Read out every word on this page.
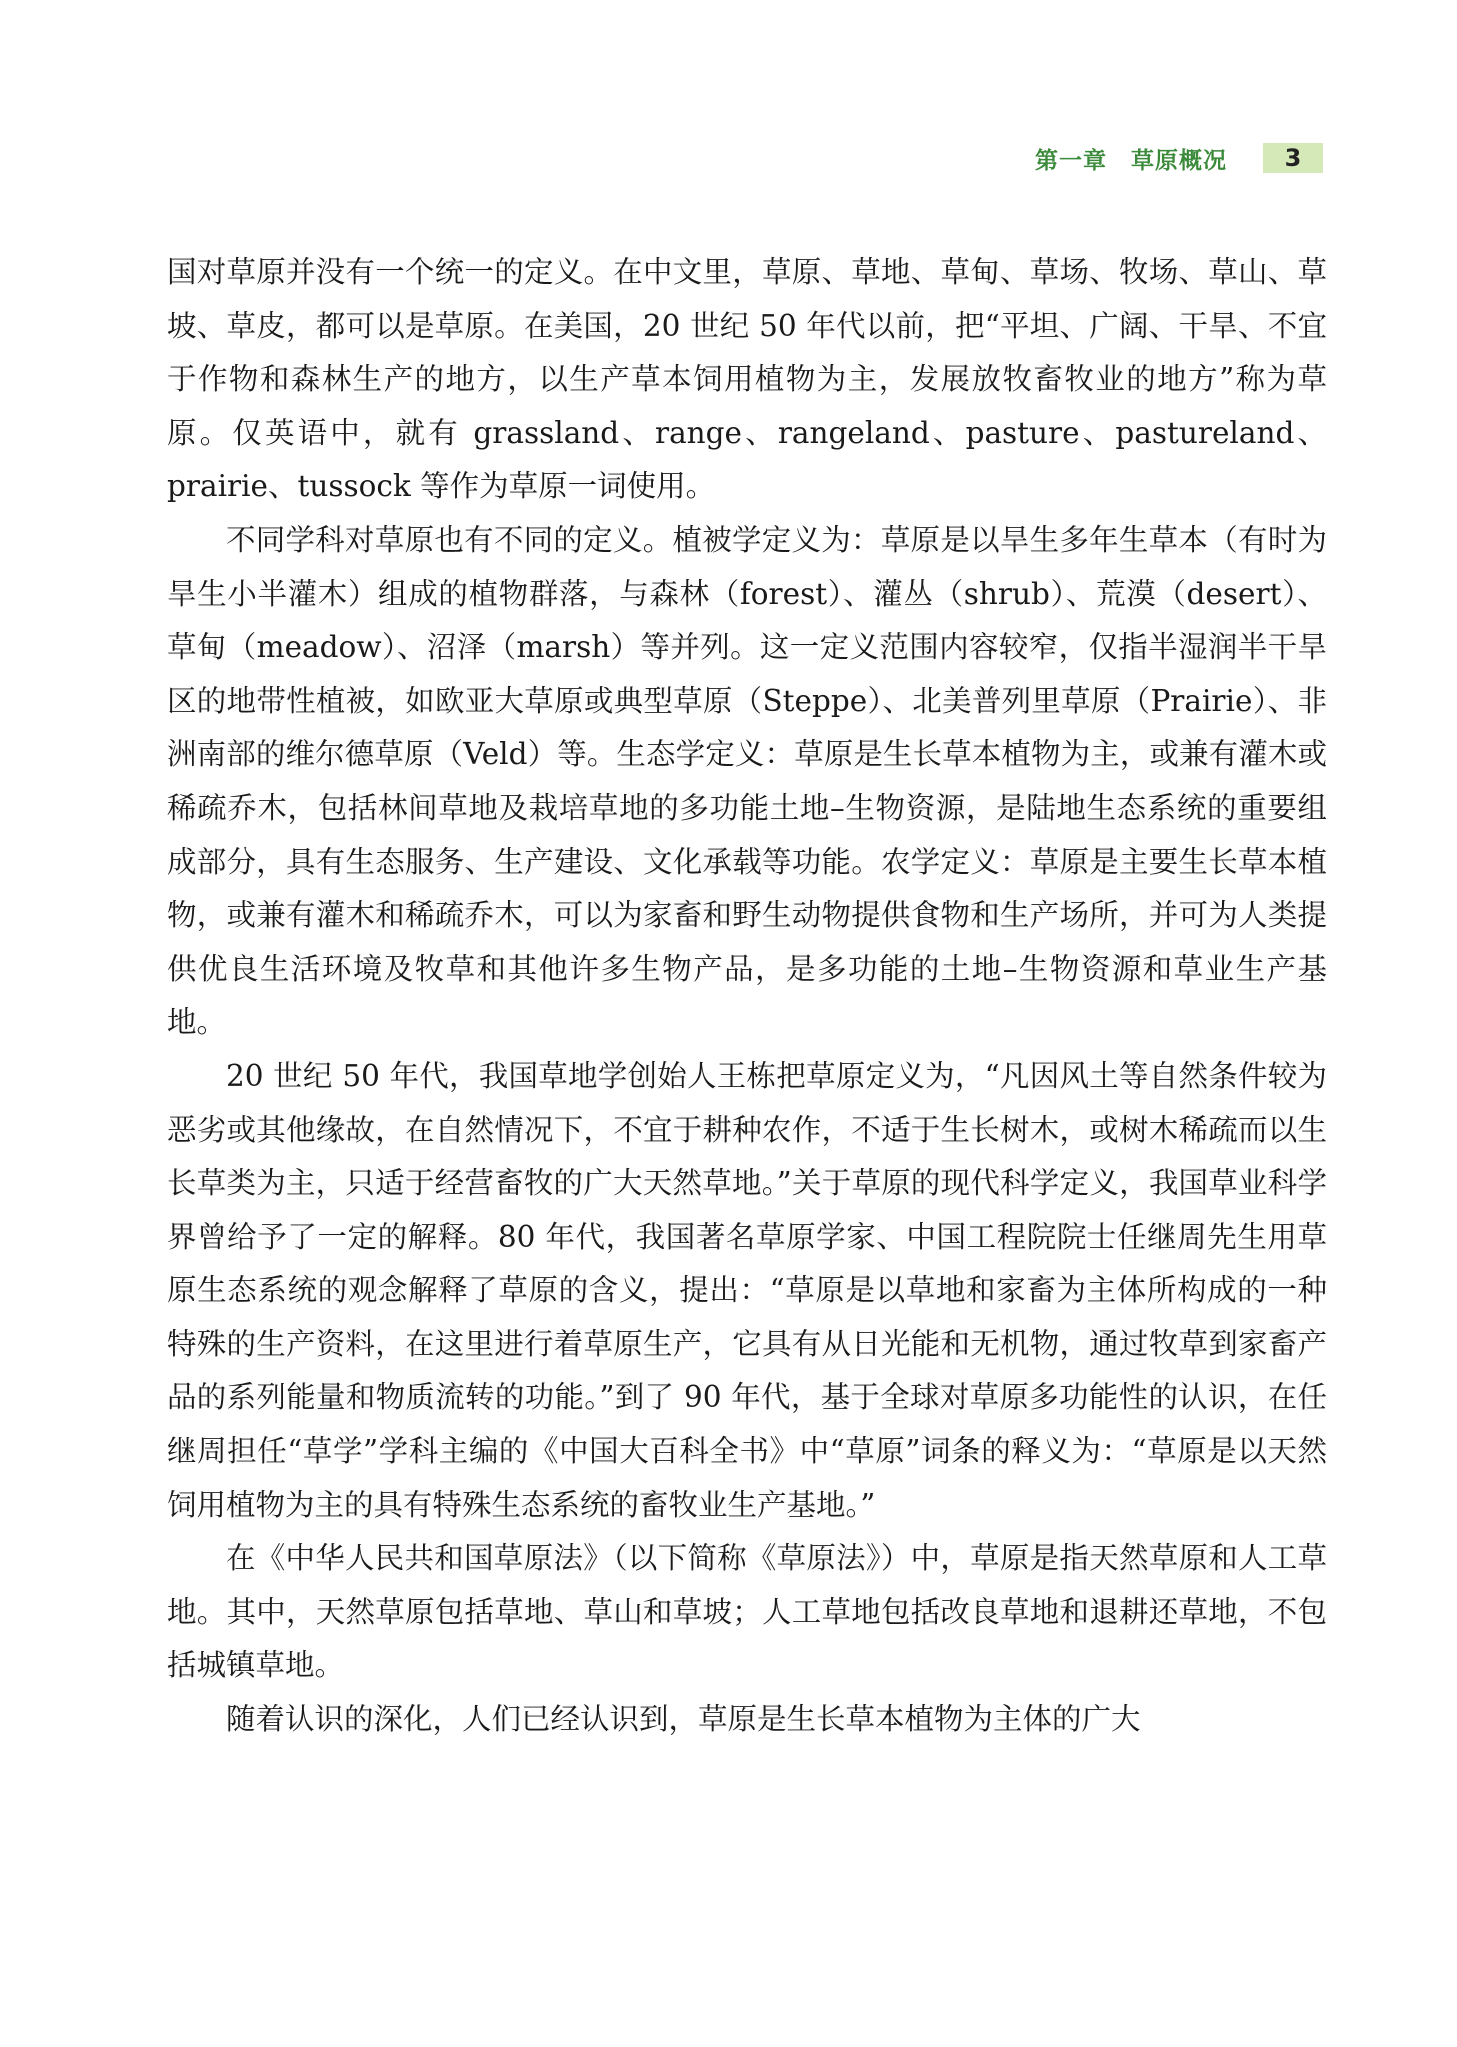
第一章　草原概况 3

国对草原并没有一个统一的定义。在中文里，草原、草地、草甸、草场、牧场、草山、草坡、草皮，都可以是草原。在美国，20 世纪 50 年代以前，把“平坦、广阔、干旱、不宜于作物和森林生产的地方，以生产草本饲用植物为主，发展放牧畜牧业的地方”称为草原。仅英语中，就有 grassland、range、rangeland、pasture、pastureland、prairie、tussock 等作为草原一词使用。

不同学科对草原也有不同的定义。植被学定义为：草原是以旱生多年生草本（有时为旱生小半灌木）组成的植物群落，与森林（forest）、灌丛（shrub）、荒漠（desert）、草甸（meadow）、沼泽（marsh）等并列。这一定义范围内容较窄，仅指半湿润半干旱区的地带性植被，如欧亚大草原或典型草原（Steppe）、北美普列里草原（Prairie）、非洲南部的维尔德草原（Veld）等。生态学定义：草原是生长草本植物为主，或兼有灌木或稀疏乔木，包括林间草地及栽培草地的多功能土地–生物资源，是陆地生态系统的重要组成部分，具有生态服务、生产建设、文化承载等功能。农学定义：草原是主要生长草本植物，或兼有灌木和稀疏乔木，可以为家畜和野生动物提供食物和生产场所，并可为人类提供优良生活环境及牧草和其他许多生物产品，是多功能的土地–生物资源和草业生产基地。

20 世纪 50 年代，我国草地学创始人王栋把草原定义为，“凡因风土等自然条件较为恶劣或其他缘故，在自然情况下，不宜于耕种农作，不适于生长树木，或树木稀疏而以生长草类为主，只适于经营畜牧的广大天然草地。”关于草原的现代科学定义，我国草业科学界曾给予了一定的解释。80 年代，我国著名草原学家、中国工程院院士任继周先生用草原生态系统的观念解释了草原的含义，提出：“草原是以草地和家畜为主体所构成的一种特殊的生产资料，在这里进行着草原生产，它具有从日光能和无机物，通过牧草到家畜产品的系列能量和物质流转的功能。”到了 90 年代，基于全球对草原多功能性的认识，在任继周担任“草学”学科主编的《中国大百科全书》中“草原”词条的释义为：“草原是以天然饲用植物为主的具有特殊生态系统的畜牧业生产基地。”

在《中华人民共和国草原法》（以下简称《草原法》）中，草原是指天然草原和人工草地。其中，天然草原包括草地、草山和草坡；人工草地包括改良草地和退耕还草地，不包括城镇草地。

随着认识的深化，人们已经认识到，草原是生长草本植物为主体的广大
